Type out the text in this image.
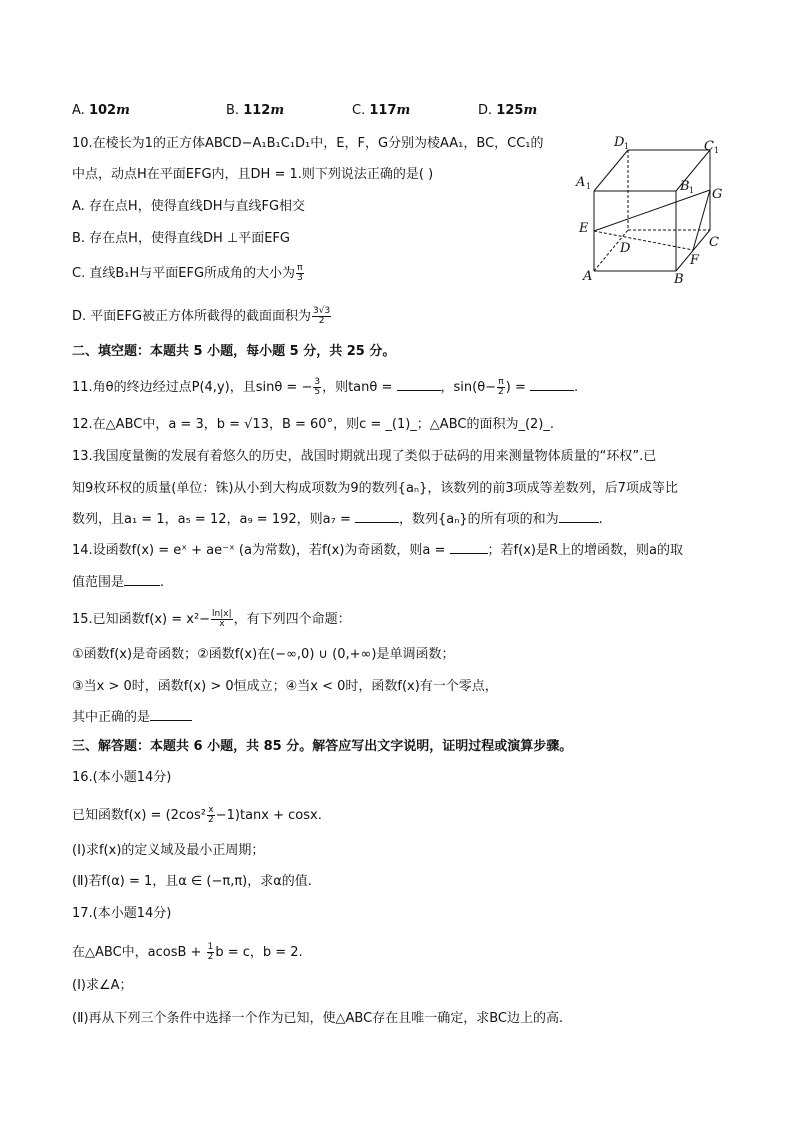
A. 102m	B. 112m	C. 117m	D. 125m
10.在棱长为1的正方体ABCD−A₁B₁C₁D₁中，E，F，G分别为棱AA₁，BC，CC₁的
中点，动点H在平面EFG内，且DH = 1.则下列说法正确的是( )
A. 存在点H，使得直线DH与直线FG相交
B. 存在点H，使得直线DH ⊥平面EFG
C. 直线B₁H与平面EFG所成角的大小为 $\frac{\pi}{3}$
D. 平面EFG被正方体所截得的截面面积为 $\frac{3√3}{2}$
D 1	C 1
A 1	B 1 G
E
D	C
F
A	B
二、填空题：本题共 5 小题，每小题 5 分，共 25 分。
11.角θ的终边经过点P(4,y)，且sinθ = − $\frac{3}{5}$ ，则tanθ =	，$\sin(\theta- \frac{\pi}{2}$ ) =	.
12.在△ABC中，a = 3，b = √13，B = 60°，则c = _(1)_；△ABC的面积为_(2)_.
13.我国度量衡的发展有着悠久的历史，战国时期就出现了类似于砝码的用来测量物体质量的“环权”.已
知9枚环权的质量(单位：铢)从小到大构成项数为9的数列{aₙ}，该数列的前3项成等差数列，后7项成等比
数列，且a₁ = 1，a₅ = 12，a₉ = 192，则a₇ =	，数列{aₙ}的所有项的和为	.
14.设函数f(x) = eˣ + ae⁻ˣ (a为常数)，若f(x)为奇函数，则a =	；若f(x)是R上的增函数，则a的取
值范围是	.
15.已知函数$f(x) = x^2- \frac{\ln|x|}{x}$ ，有下列四个命题：
①函数f(x)是奇函数；②函数f(x)在(−∞,0) ∪ (0,+∞)是单调函数；
③当x > 0时，函数f(x) > 0恒成立；④当x < 0时，函数f(x)有一个零点，
其中正确的是
三、解答题：本题共 6 小题，共 85 分。解答应写出文字说明，证明过程或演算步骤。
16.(本小题14分)
已知函数$f(x) = (2\cos^2 \frac{x}{2} -1)\tan x + \cos x$.
(Ⅰ)求f(x)的定义域及最小正周期；
(Ⅱ)若f(α) = 1，且α ∈ (−π,π)，求α的值.
17.(本小题14分)
在△ABC中，$acosB + \frac{1}{2}$ b = c，b = 2.
(Ⅰ)求∠A；
(Ⅱ)再从下列三个条件中选择一个作为已知，使△ABC存在且唯一确定，求BC边上的高.
